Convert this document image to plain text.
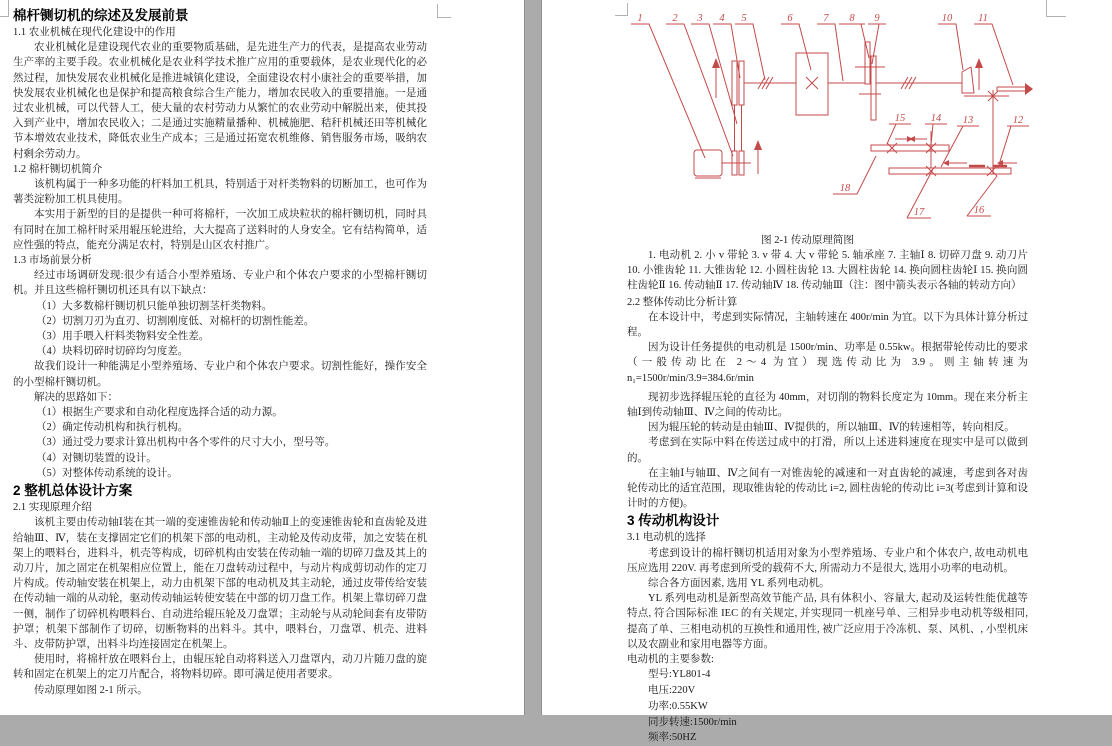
棉杆铡切机的综述及发展前景
1.1 农业机械在现代化建设中的作用
农业机械化是建设现代农业的重要物质基础，是先进生产力的代表，是提高农业劳动生产率的主要手段。农业机械化是农业科学技术推广应用的重要载体，是农业现代化的必然过程，加快发展农业机械化是推进城镇化建设，全面建设农村小康社会的重要举措，加快发展农业机械化也是保护和提高粮食综合生产能力，增加农民收入的重要措施。一是通过农业机械，可以代替人工，使大量的农村劳动力从繁忙的农业劳动中解脱出来，使其投入到产业中，增加农民收入；二是通过实施精量播种、机械施肥、秸秆机械还田等机械化节本增效农业技术，降低农业生产成本；三是通过拓宽农机维修、销售服务市场，吸纳农村剩余劳动力。
1.2 棉杆铡切机简介
该机构属于一种多功能的杆料加工机具，特别适于对杆类物料的切断加工，也可作为薯类淀粉加工机具使用。
本实用于新型的目的是提供一种可将棉杆，一次加工成块粒状的棉杆铡切机，同时具有同时在加工棉杆时采用辊压轮进给，大大提高了送料时的人身安全。它有结构简单，适应性强的特点，能充分满足农村，特别是山区农村推广。
1.3 市场前景分析
经过市场调研发现:很少有适合小型养殖场、专业户和个体农户要求的小型棉杆铡切机。并且这些棉杆铡切机还具有以下缺点：
（1）大多数棉杆铡切机只能单独切割茎杆类物料。
（2）切割刀刃为直刃、切割刚度低、对棉杆的切割性能差。
（3）用手喂入杆料类物料安全性差。
（4）块料切碎时切碎均匀度差。
故我们设计一种能满足小型养殖场、专业户和个体农户要求。切割性能好，操作安全的小型棉杆铡切机。
解决的思路如下：
（1）根据生产要求和自动化程度选择合适的动力源。
（2）确定传动机构和执行机构。
（3）通过受力要求计算出机构中各个零件的尺寸大小，型号等。
（4）对铡切装置的设计。
（5）对整体传动系统的设计。
2 整机总体设计方案
2.1 实现原理介绍
该机主要由传动轴Ⅰ装在其一端的变速锥齿轮和传动轴Ⅱ上的变速锥齿轮和直齿轮及进给轴Ⅲ、Ⅳ，装在支撑固定它们的机架下部的电动机，主动轮及传动皮带，加之安装在机架上的喂料台，进料斗，机壳等构成，切碎机构由安装在传动轴一端的切碎刀盘及其上的动刀片，加之固定在机架相应位置上，能在刀盘转动过程中，与动片构成剪切动作的定刀片构成。传动轴安装在机架上，动力由机架下部的电动机及其主动轮，通过皮带传给安装在传动轴一端的从动轮，驱动传动轴运转使安装在中部的切刀盘工作。机架上靠切碎刀盘一侧，制作了切碎机构喂料台、自动进给辊压轮及刀盘罩；主动轮与从动轮间套有皮带防护罩；机架下部制作了切碎，切断物料的出料斗。其中，喂料台，刀盘罩、机壳、进料斗、皮带防护罩，出料斗均连接固定在机架上。
使用时，将棉杆放在喂料台上，由辊压轮自动将料送入刀盘罩内，动刀片随刀盘的旋转和固定在机架上的定刀片配合，将物料切碎。即可满足使用者要求。
传动原理如图 2-1 所示。
1	2 3 4 5	6	7 8 9	10 11
12
13
14
15
16
17
18
图 2-1 传动原理简图
1. 电动机 2. 小 v 带轮 3. v 带 4. 大 v 带轮 5. 轴承座 7. 主轴Ⅰ 8. 切碎刀盘 9. 动刀片 10. 小锥齿轮 11. 大锥齿轮 12. 小圆柱齿轮 13. 大圆柱齿轮 14. 换向圆柱齿轮Ⅰ 15. 换向圆柱齿轮Ⅱ 16. 传动轴Ⅱ 17. 传动轴Ⅳ 18. 传动轴Ⅲ（注：图中箭头表示各轴的转动方向）
2.2 整体传动比分析计算
在本设计中，考虑到实际情况，主轴转速在 400r/min 为宜。以下为具体计算分析过程。
因为设计任务提供的电动机是 1500r/min、功率是 0.55kw。根据带轮传动比的要求（一般传动比在 2～4 为宜）现选传动比为 3.9。则主轴转速为 n₁=1500r/min/3.9=384.6r/min
现初步选择辊压轮的直径为 40mm，对切削的物料长度定为 10mm。现在来分析主轴Ⅰ到传动轴Ⅲ、Ⅳ之间的传动比。
因为辊压轮的转动是由轴Ⅲ、Ⅳ提供的，所以轴Ⅲ、Ⅳ的转速相等，转向相反。
考虑到在实际中料在传送过成中的打滑，所以上述进料速度在现实中是可以做到的。
在主轴Ⅰ与轴Ⅲ、Ⅳ之间有一对锥齿轮的减速和一对直齿轮的减速，考虑到各对齿轮传动比的适宜范围，现取锥齿轮的传动比 i=2, 圆柱齿轮的传动比 i=3(考虑到计算和设计时的方便)。
3 传动机构设计
3.1 电动机的选择
考虑到设计的棉杆铡切机适用对象为小型养殖场、专业户和个体农户, 故电动机电压应选用 220V. 再考虑到所受的载荷不大, 所需动力不是很大, 选用小功率的电动机。
综合各方面因素, 选用 YL 系列电动机。
YL 系列电动机是新型高效节能产品, 具有体积小、容量大, 起动及运转性能优越等特点, 符合国际标准 IEC 的有关规定, 并实现同一机座号单、三相异步电动机等级相同, 提高了单、三相电动机的互换性和通用性, 被广泛应用于冷冻机、泵、风机、, 小型机床以及农副业和家用电器等方面。
电动机的主要参数:
型号:YL801-4
电压:220V
功率:0.55KW
同步转速:1500r/min
频率:50HZ
